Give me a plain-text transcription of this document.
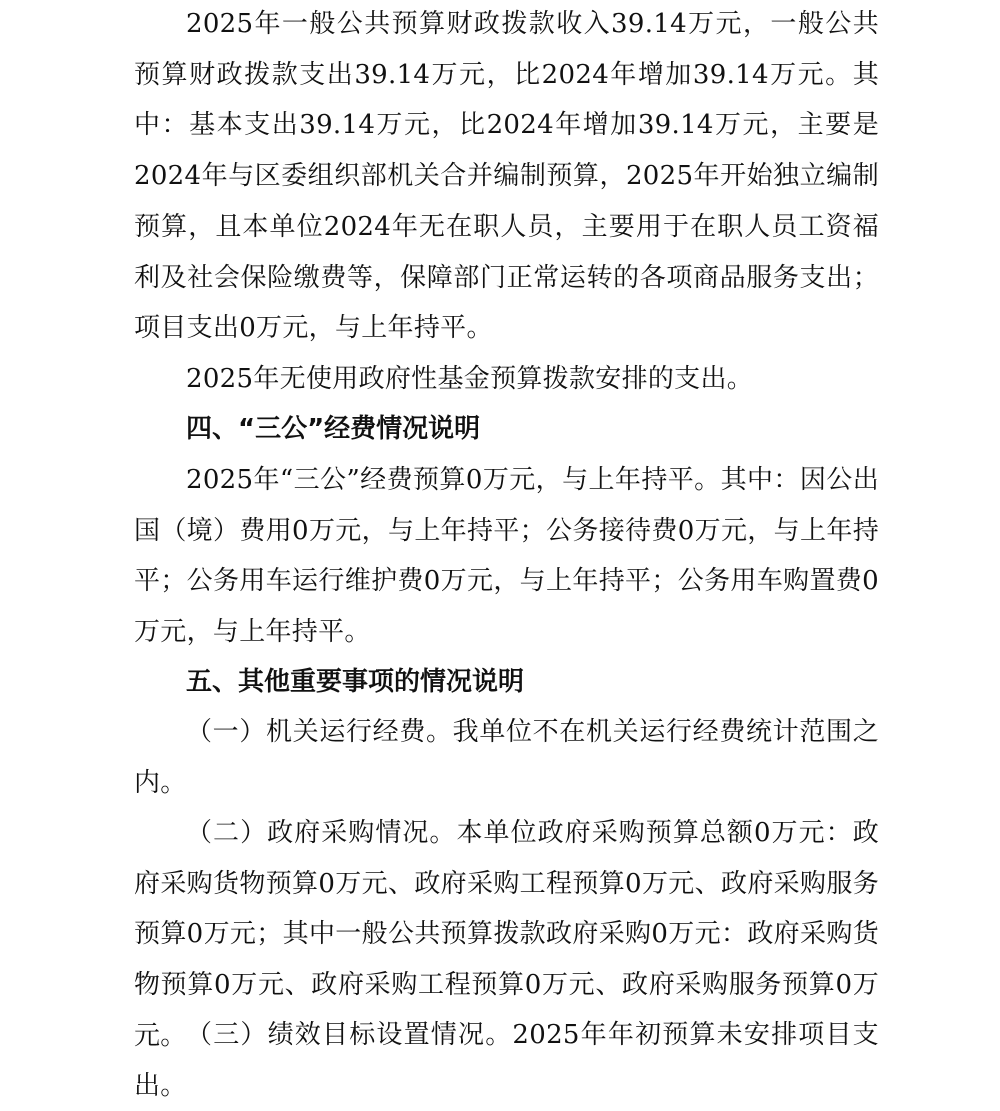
2025年一般公共预算财政拨款收入39.14万元，一般公共预算财政拨款支出39.14万元，比2024年增加39.14万元。其中：基本支出39.14万元，比2024年增加39.14万元，主要是2024年与区委组织部机关合并编制预算，2025年开始独立编制预算，且本单位2024年无在职人员，主要用于在职人员工资福利及社会保险缴费等，保障部门正常运转的各项商品服务支出；项目支出0万元，与上年持平。

2025年无使用政府性基金预算拨款安排的支出。

四、“三公”经费情况说明

2025年“三公”经费预算0万元，与上年持平。其中：因公出国（境）费用0万元，与上年持平；公务接待费0万元，与上年持平；公务用车运行维护费0万元，与上年持平；公务用车购置费0万元，与上年持平。

五、其他重要事项的情况说明

（一）机关运行经费。我单位不在机关运行经费统计范围之内。

（二）政府采购情况。本单位政府采购预算总额0万元：政府采购货物预算0万元、政府采购工程预算0万元、政府采购服务预算0万元；其中一般公共预算拨款政府采购0万元：政府采购货物预算0万元、政府采购工程预算0万元、政府采购服务预算0万元。 （三）绩效目标设置情况。2025年年初预算未安排项目支出。
